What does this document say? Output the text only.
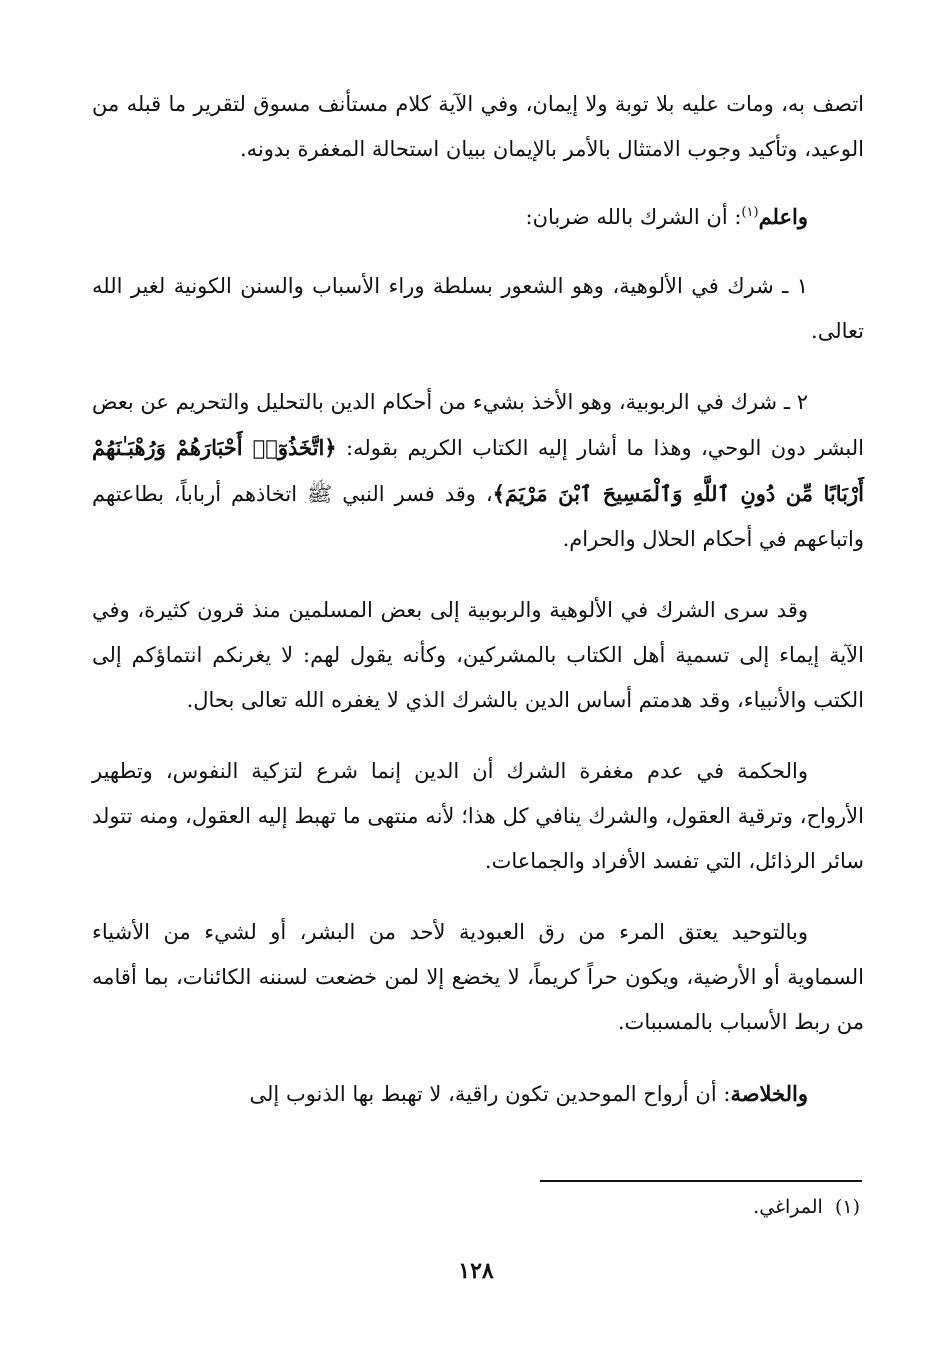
اتصف به، ومات عليه بلا توبة ولا إيمان، وفي الآية كلام مستأنف مسوق لتقرير ما قبله من الوعيد، وتأكيد وجوب الامتثال بالأمر بالإيمان ببيان استحالة المغفرة بدونه.

واعلم$^{(١)}$: أن الشرك بالله ضربان:

١ ـ شرك في الألوهية، وهو الشعور بسلطة وراء الأسباب والسنن الكونية لغير الله تعالى.

٢ ـ شرك في الربوبية، وهو الأخذ بشيء من أحكام الدين بالتحليل والتحريم عن بعض البشر دون الوحي، وهذا ما أشار إليه الكتاب الكريم بقوله: ﴿اتَّخَذُوٓا۟ أَحْبَارَهُمْ وَرُهْبَـٰنَهُمْ أَرْبَابًا مِّن دُونِ ٱللَّهِ وَٱلْمَسِيحَ ٱبْنَ مَرْيَمَ﴾، وقد فسر النبي ﷺ اتخاذهم أرباباً، بطاعتهم واتباعهم في أحكام الحلال والحرام.

وقد سرى الشرك في الألوهية والربوبية إلى بعض المسلمين منذ قرون كثيرة، وفي الآية إيماء إلى تسمية أهل الكتاب بالمشركين، وكأنه يقول لهم: لا يغرنكم انتماؤكم إلى الكتب والأنبياء، وقد هدمتم أساس الدين بالشرك الذي لا يغفره الله تعالى بحال.

والحكمة في عدم مغفرة الشرك أن الدين إنما شرع لتزكية النفوس، وتطهير الأرواح، وترقية العقول، والشرك ينافي كل هذا؛ لأنه منتهى ما تهبط إليه العقول، ومنه تتولد سائر الرذائل، التي تفسد الأفراد والجماعات.

وبالتوحيد يعتق المرء من رق العبودية لأحد من البشر، أو لشيء من الأشياء السماوية أو الأرضية، ويكون حراً كريماً، لا يخضع إلا لمن خضعت لسننه الكائنات، بما أقامه من ربط الأسباب بالمسببات.

والخلاصة: أن أرواح الموحدين تكون راقية، لا تهبط بها الذنوب إلى

(١)  المراغي.
١٢٨
